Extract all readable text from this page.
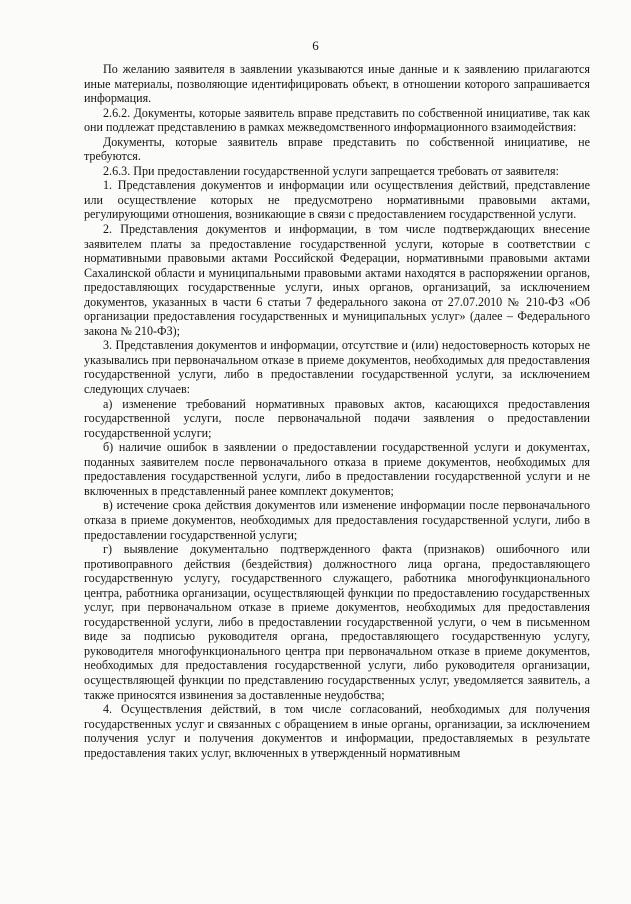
6

По желанию заявителя в заявлении указываются иные данные и к заявлению прилагаются иные материалы, позволяющие идентифицировать объект, в отношении которого запрашивается информация.

2.6.2. Документы, которые заявитель вправе представить по собственной инициативе, так как они подлежат представлению в рамках межведомственного информационного взаимодействия:

Документы, которые заявитель вправе представить по собственной инициативе, не требуются.

2.6.3. При предоставлении государственной услуги запрещается требовать от заявителя:

1. Представления документов и информации или осуществления действий, представление или осуществление которых не предусмотрено нормативными правовыми актами, регулирующими отношения, возникающие в связи с предоставлением государственной услуги.

2. Представления документов и информации, в том числе подтверждающих внесение заявителем платы за предоставление государственной услуги, которые в соответствии с нормативными правовыми актами Российской Федерации, нормативными правовыми актами Сахалинской области и муниципальными правовыми актами находятся в распоряжении органов, предоставляющих государственные услуги, иных органов, организаций, за исключением документов, указанных в части 6 статьи 7 федерального закона от 27.07.2010 № 210-ФЗ «Об организации предоставления государственных и муниципальных услуг» (далее – Федерального закона № 210-ФЗ);

3. Представления документов и информации, отсутствие и (или) недостоверность которых не указывались при первоначальном отказе в приеме документов, необходимых для предоставления государственной услуги, либо в предоставлении государственной услуги, за исключением следующих случаев:

а) изменение требований нормативных правовых актов, касающихся предоставления государственной услуги, после первоначальной подачи заявления о предоставлении государственной услуги;

б) наличие ошибок в заявлении о предоставлении государственной услуги и документах, поданных заявителем после первоначального отказа в приеме документов, необходимых для предоставления государственной услуги, либо в предоставлении государственной услуги и не включенных в представленный ранее комплект документов;

в) истечение срока действия документов или изменение информации после первоначального отказа в приеме документов, необходимых для предоставления государственной услуги, либо в предоставлении государственной услуги;

г) выявление документально подтвержденного факта (признаков) ошибочного или противоправного действия (бездействия) должностного лица органа, предоставляющего государственную услугу, государственного служащего, работника многофункционального центра, работника организации, осуществляющей функции по предоставлению государственных услуг, при первоначальном отказе в приеме документов, необходимых для предоставления государственной услуги, либо в предоставлении государственной услуги, о чем в письменном виде за подписью руководителя органа, предоставляющего государственную услугу, руководителя многофункционального центра при первоначальном отказе в приеме документов, необходимых для предоставления государственной услуги, либо руководителя организации, осуществляющей функции по представлению государственных услуг, уведомляется заявитель, а также приносятся извинения за доставленные неудобства;

4. Осуществления действий, в том числе согласований, необходимых для получения государственных услуг и связанных с обращением в иные органы, организации, за исключением получения услуг и получения документов и информации, предоставляемых в результате предоставления таких услуг, включенных в утвержденный нормативным
